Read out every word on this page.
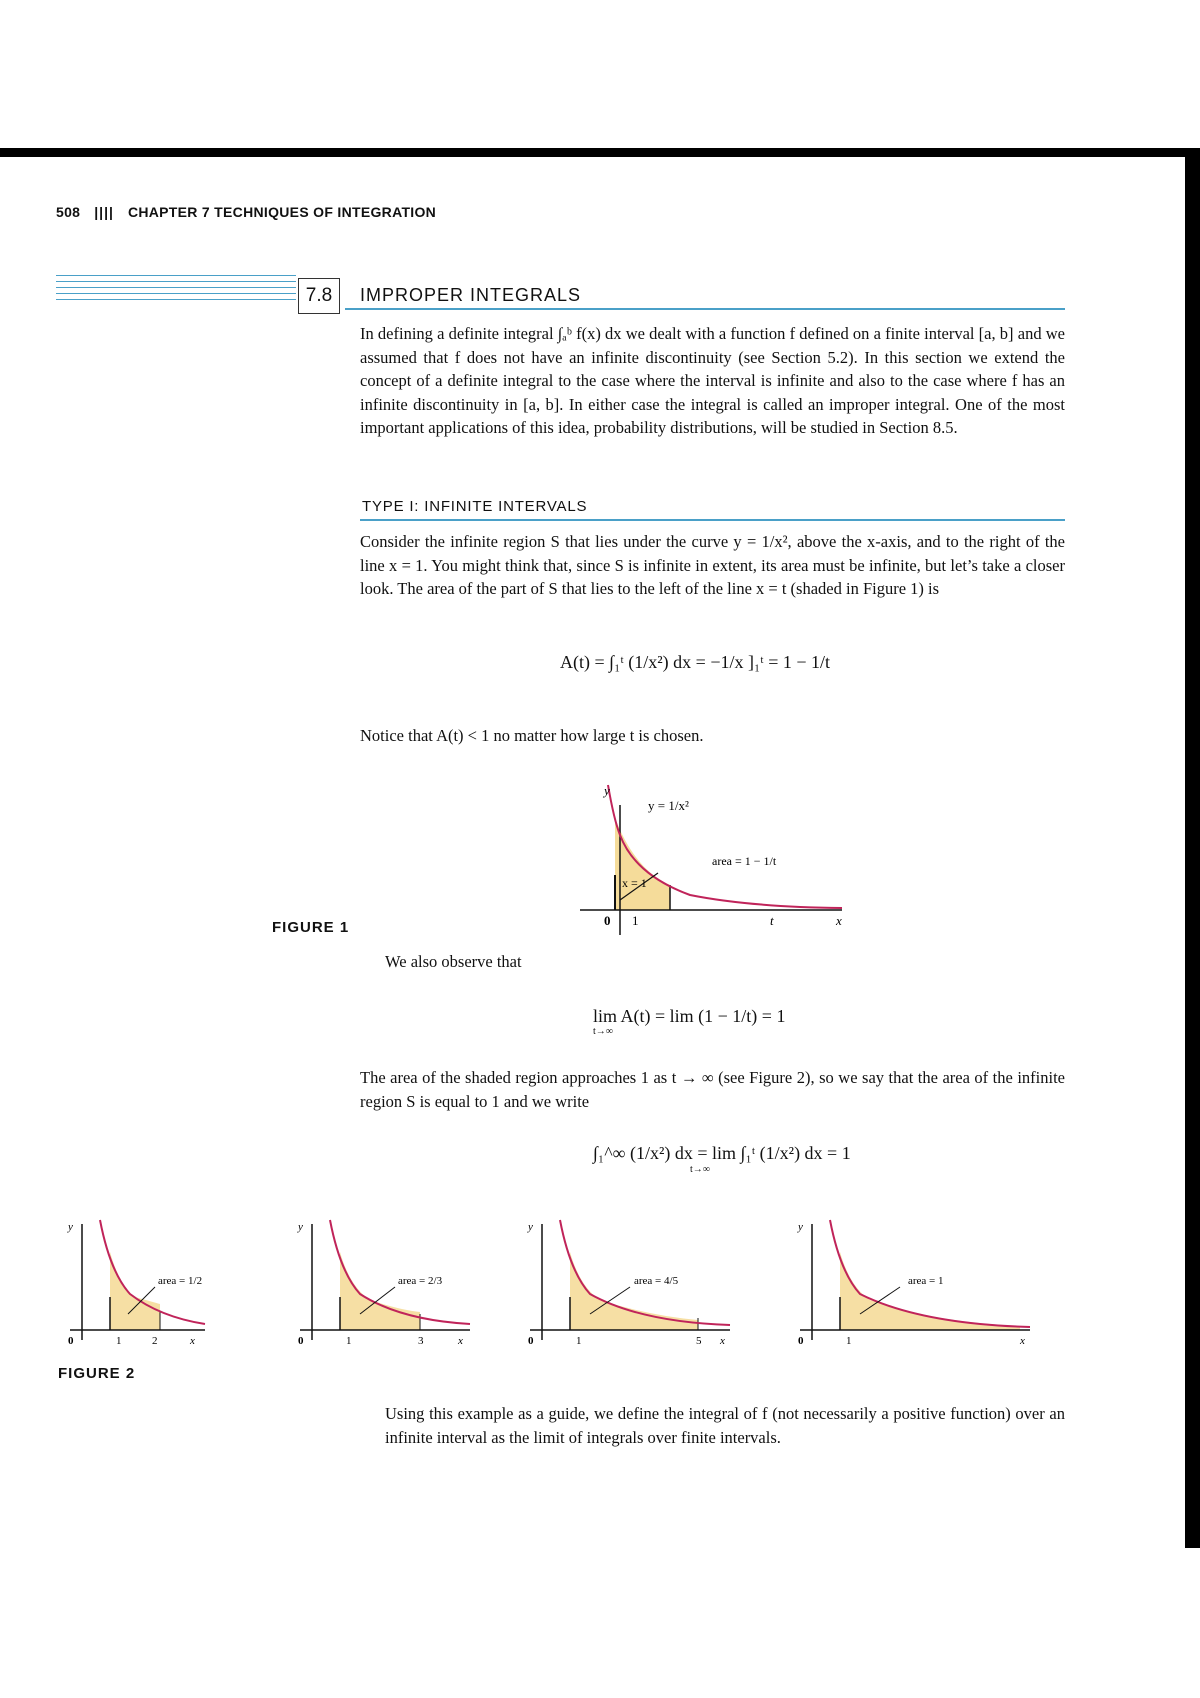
508 |||| CHAPTER 7 TECHNIQUES OF INTEGRATION
7.8	IMPROPER INTEGRALS
In defining a definite integral ∫ₐᵇ f(x) dx we dealt with a function f defined on a finite interval [a, b] and we assumed that f does not have an infinite discontinuity (see Section 5.2). In this section we extend the concept of a definite integral to the case where the interval is infinite and also to the case where f has an infinite discontinuity in [a, b]. In either case the integral is called an improper integral. One of the most important applications of this idea, probability distributions, will be studied in Section 8.5.
TYPE I: INFINITE INTERVALS
Consider the infinite region S that lies under the curve y = 1/x², above the x-axis, and to the right of the line x = 1. You might think that, since S is infinite in extent, its area must be infinite, but let’s take a closer look. The area of the part of S that lies to the left of the line x = t (shaded in Figure 1) is
A(t) = ∫₁ᵗ (1/x²) dx = −1/x ]₁ᵗ = 1 − 1/t
Notice that A(t) < 1 no matter how large t is chosen.
y
0 1	t	x
y = 1/x²
x = 1
area = 1 − 1/t
FIGURE 1
We also observe that
lim A(t) = lim (1 − 1/t) = 1
t→∞
The area of the shaded region approaches 1 as t → ∞ (see Figure 2), so we say that the area of the infinite region S is equal to 1 and we write
∫₁^∞ (1/x²) dx = lim ∫₁ᵗ (1/x²) dx = 1
t→∞
y
0	1	2	x
area = 1/2
y
0	1	3	x
area = 2/3
y
0	1	5 x
area = 4/5
y
0	1	x
area = 1
FIGURE 2
Using this example as a guide, we define the integral of f (not necessarily a positive function) over an infinite interval as the limit of integrals over finite intervals.
